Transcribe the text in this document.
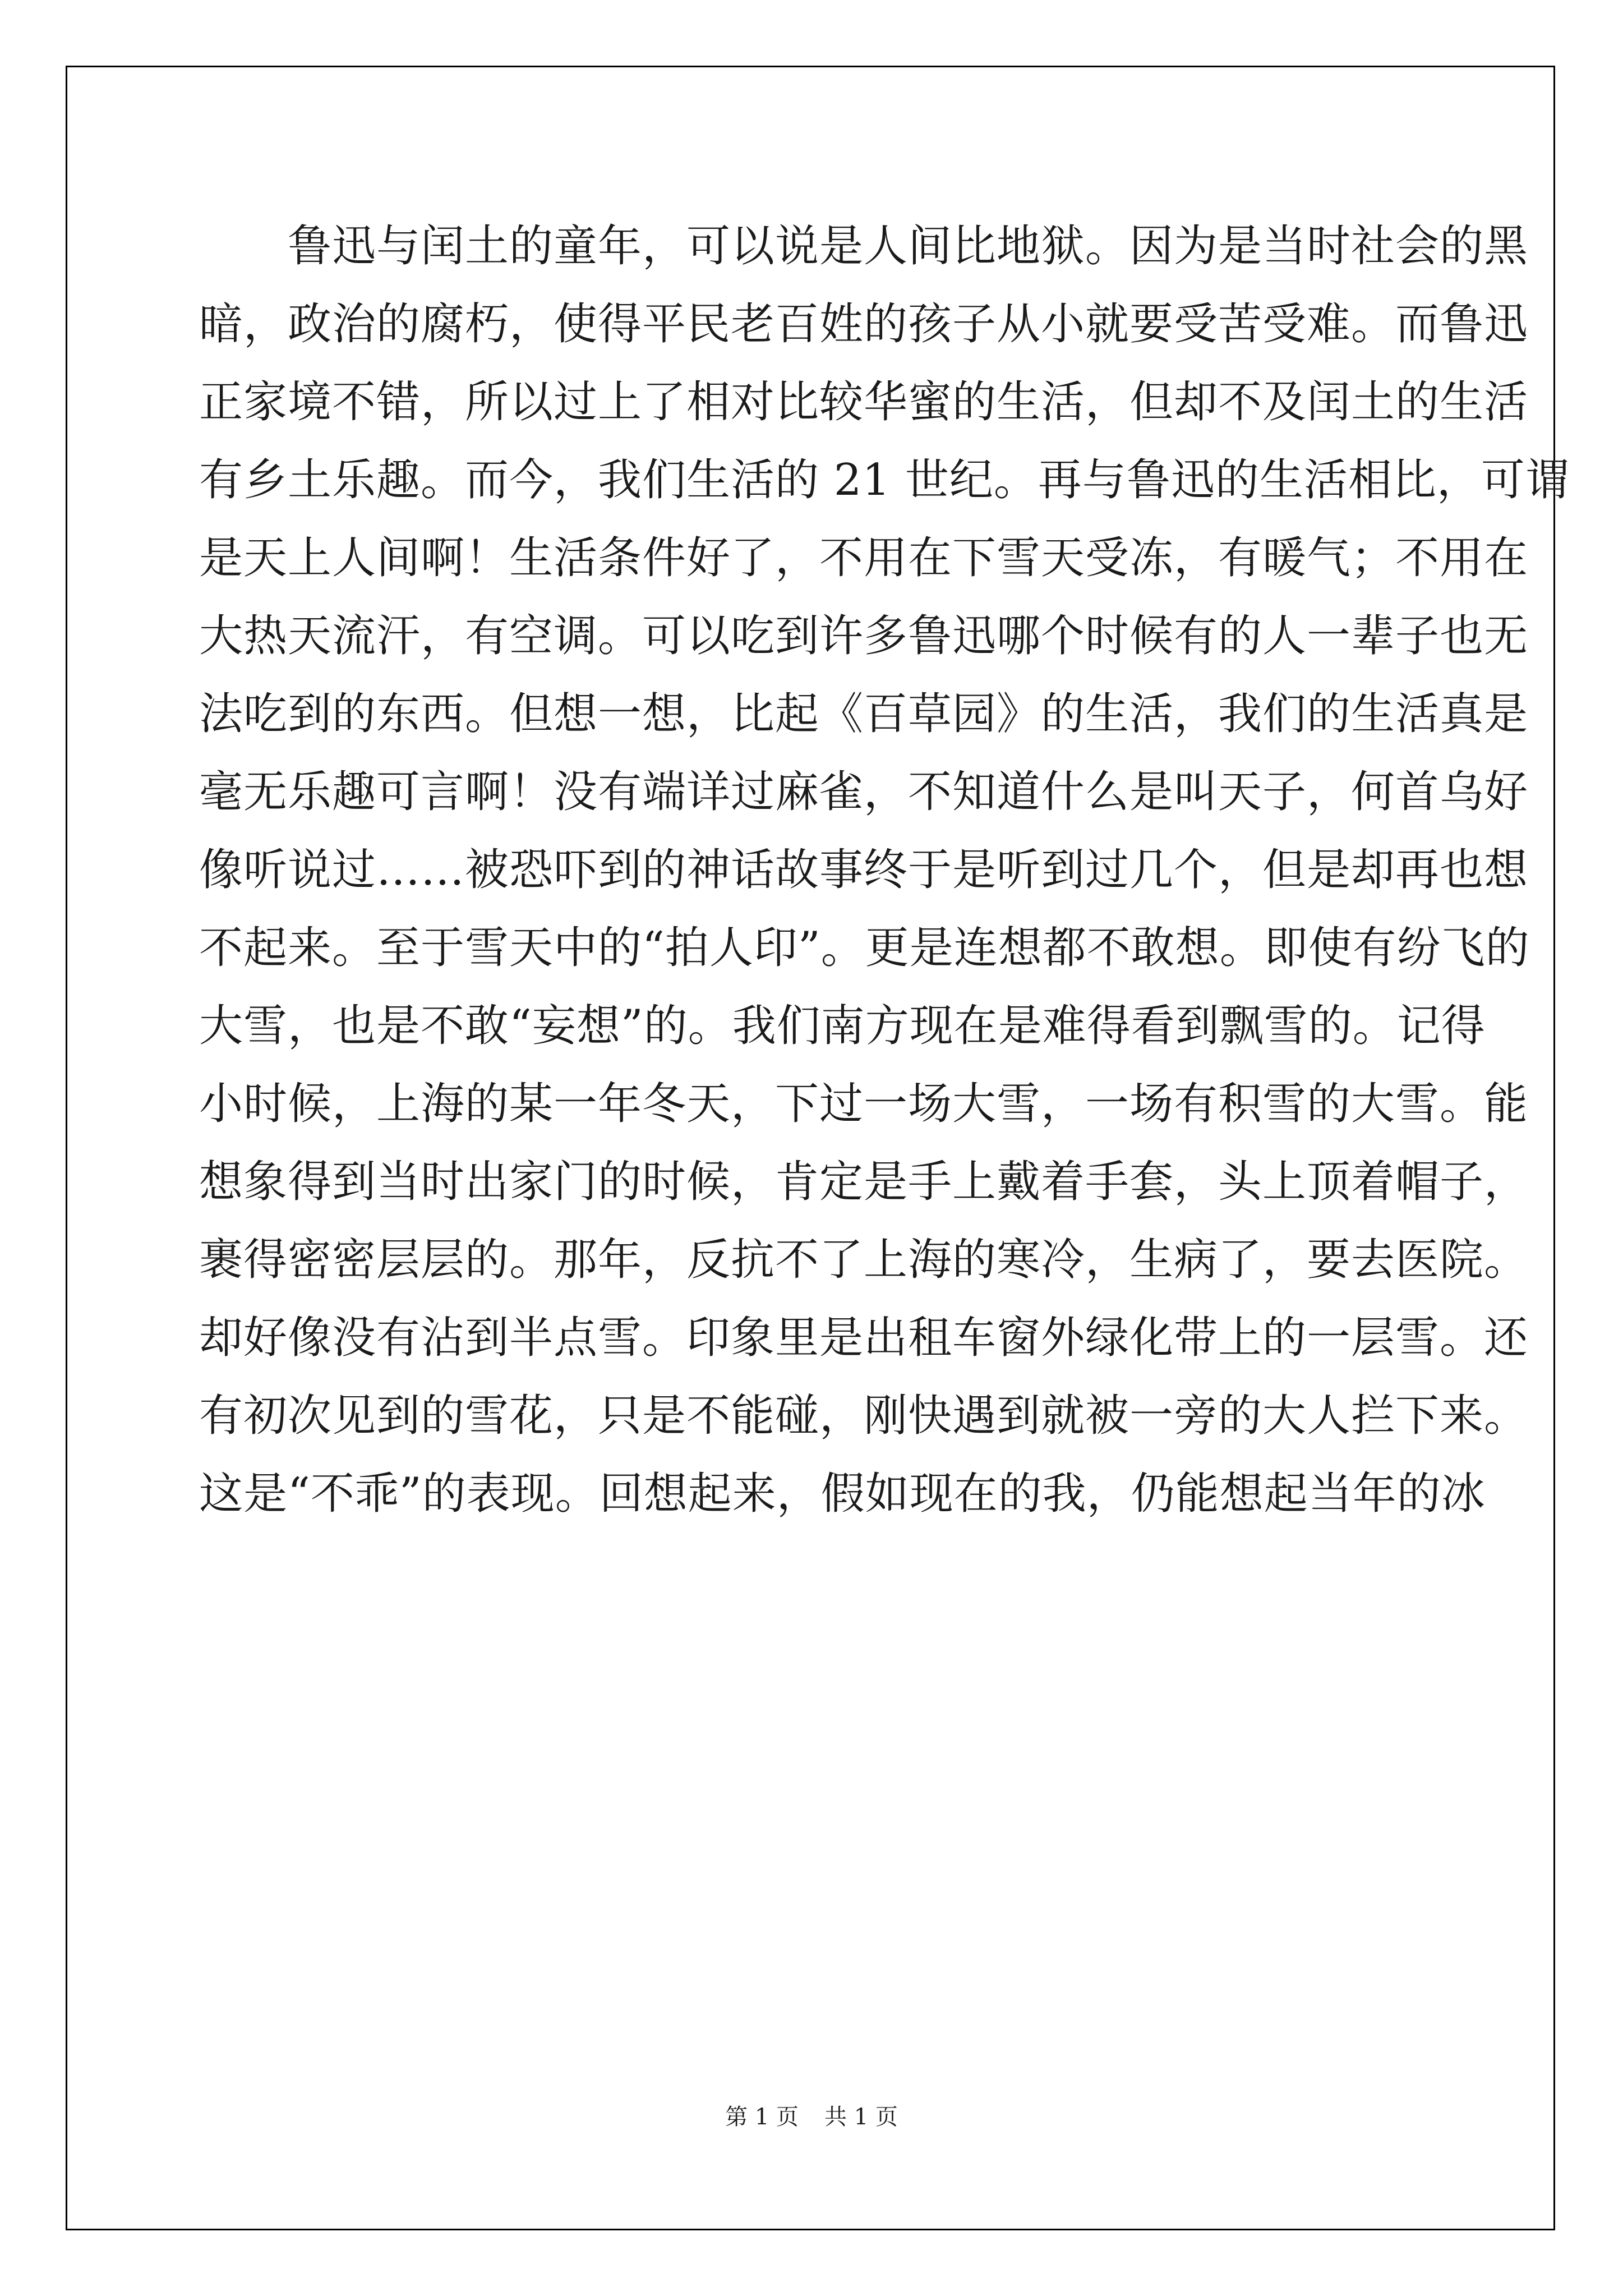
　　鲁迅与闰土的童年，可以说是人间比地狱。因为是当时社会的黑
暗，政治的腐朽，使得平民老百姓的孩子从小就要受苦受难。而鲁迅
正家境不错，所以过上了相对比较华蜜的生活，但却不及闰土的生活
有乡土乐趣。而今，我们生活的 21 世纪。再与鲁迅的生活相比，可谓
是天上人间啊！生活条件好了，不用在下雪天受冻，有暖气；不用在
大热天流汗，有空调。可以吃到许多鲁迅哪个时候有的人一辈子也无
法吃到的东西。但想一想，比起《百草园》的生活，我们的生活真是
毫无乐趣可言啊！没有端详过麻雀，不知道什么是叫天子，何首乌好
像听说过……被恐吓到的神话故事终于是听到过几个，但是却再也想
不起来。至于雪天中的“拍人印”。更是连想都不敢想。即使有纷飞的
大雪，也是不敢“妄想”的。我们南方现在是难得看到飘雪的。记得
小时候，上海的某一年冬天，下过一场大雪，一场有积雪的大雪。能
想象得到当时出家门的时候，肯定是手上戴着手套，头上顶着帽子，
裹得密密层层的。那年，反抗不了上海的寒冷，生病了，要去医院。
却好像没有沾到半点雪。印象里是出租车窗外绿化带上的一层雪。还
有初次见到的雪花，只是不能碰，刚快遇到就被一旁的大人拦下来。
这是“不乖”的表现。回想起来，假如现在的我，仍能想起当年的冰
第 1 页 共 1 页
